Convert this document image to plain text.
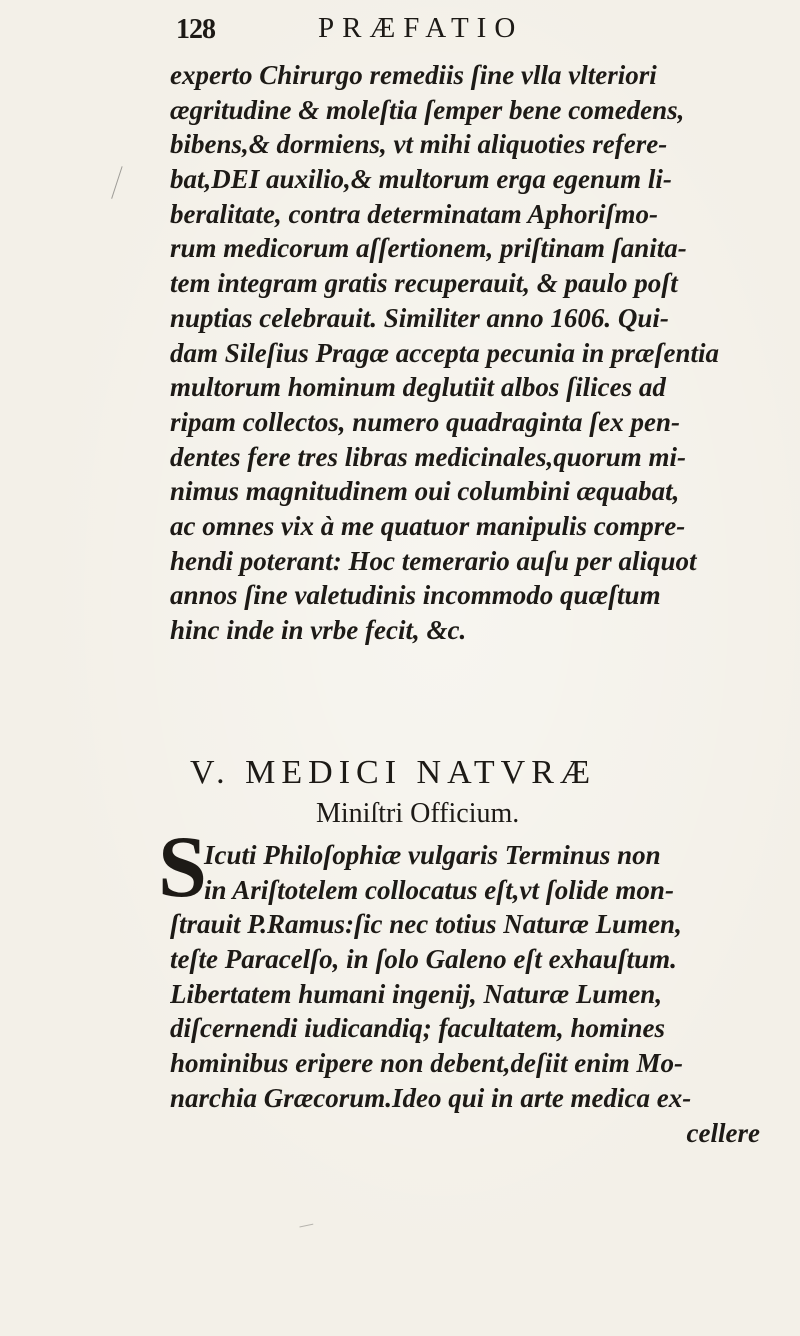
128	PRÆFATIO
experto Chirurgo remediis ſine vlla vlteriori
ægritudine & moleſtia ſemper bene comedens,
bibens,& dormiens, vt mihi aliquoties refere-
bat,DEI auxilio,& multorum erga egenum li-
beralitate, contra determinatam Aphoriſmo-
rum medicorum aſſertionem, priſtinam ſanita-
tem integram gratis recuperauit, & paulo poſt
nuptias celebrauit. Similiter anno 1606. Qui-
dam Sileſius Pragæ accepta pecunia in præſentia
multorum hominum deglutiit albos ſilices ad
ripam collectos, numero quadraginta ſex pen-
dentes fere tres libras medicinales,quorum mi-
nimus magnitudinem oui columbini æquabat,
ac omnes vix à me quatuor manipulis compre-
hendi poterant: Hoc temerario auſu per aliquot
annos ſine valetudinis incommodo quæſtum
hinc inde in vrbe fecit, &c.
V. MEDICI NATVRÆ
Miniſtri Officium.
S
Icuti Philoſophiæ vulgaris Terminus non
in Ariſtotelem collocatus eſt,vt ſolide mon-
ſtrauit P.Ramus:ſic nec totius Naturæ Lumen,
teſte Paracelſo, in ſolo Galeno eſt exhauſtum.
Libertatem humani ingenij, Naturæ Lumen,
diſcernendi iudicandiq; facultatem, homines
hominibus eripere non debent,deſiit enim Mo-
narchia Græcorum.Ideo qui in arte medica ex-
cellere
